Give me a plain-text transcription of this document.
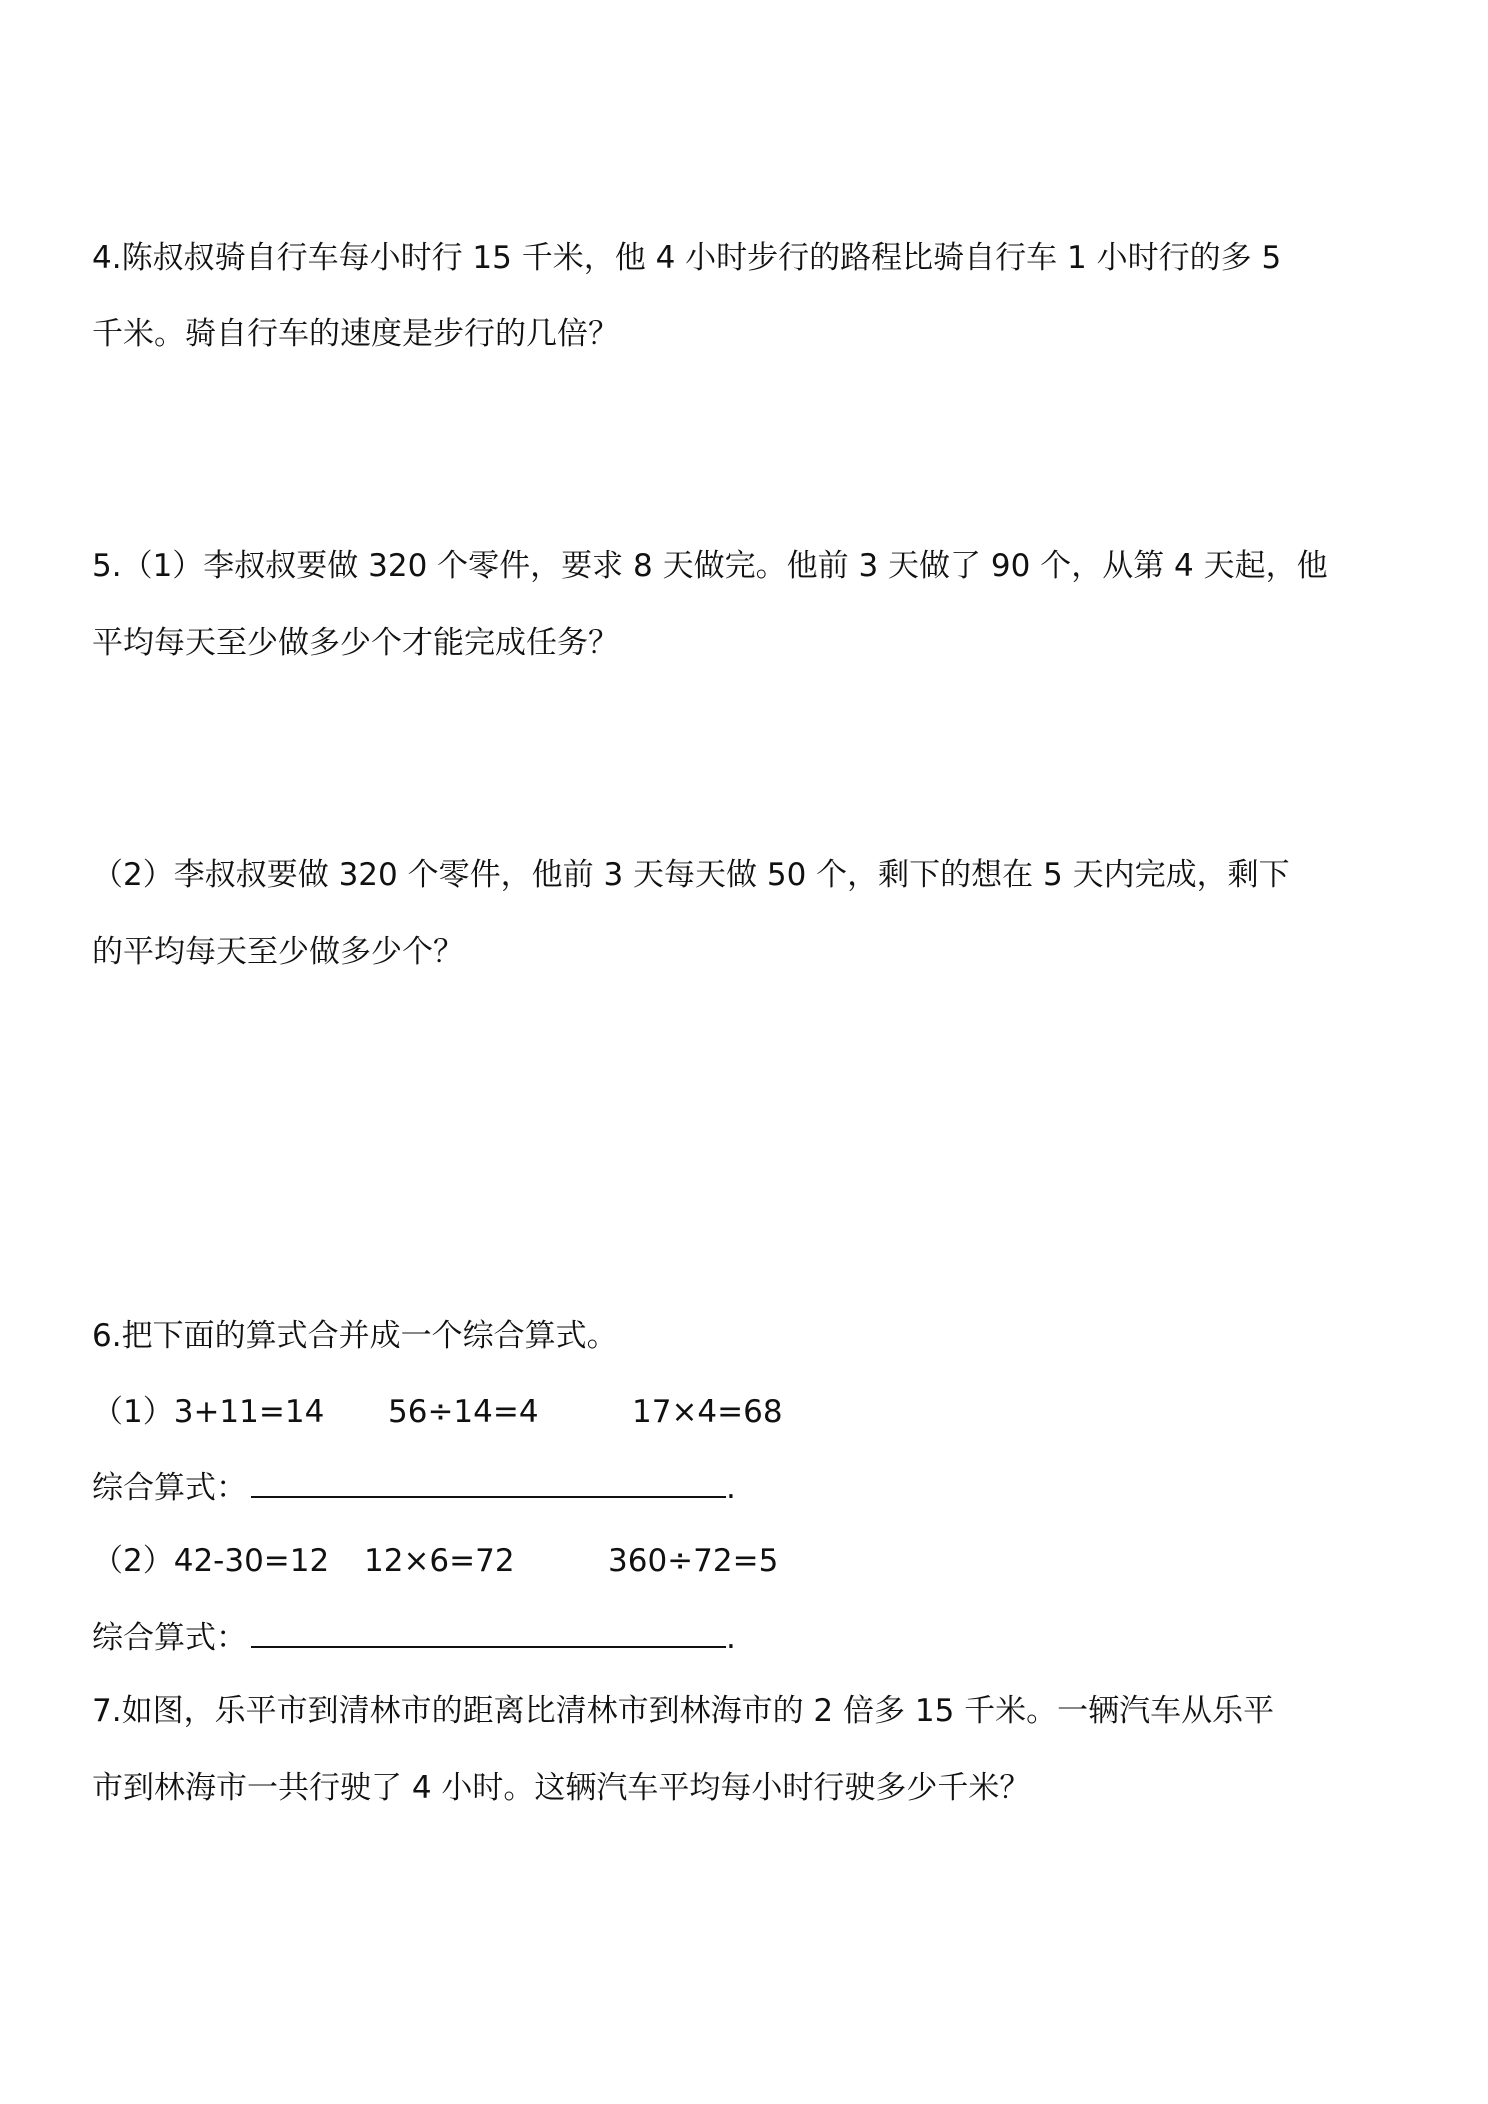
4.陈叔叔骑自行车每小时行 15 千米，他 4 小时步行的路程比骑自行车 1 小时行的多 5
千米。骑自行车的速度是步行的几倍？
5.（1）李叔叔要做 320 个零件，要求 8 天做完。他前 3 天做了 90 个，从第 4 天起，他
平均每天至少做多少个才能完成任务？
（2）李叔叔要做 320 个零件，他前 3 天每天做 50 个，剩下的想在 5 天内完成，剩下
的平均每天至少做多少个？
6.把下面的算式合并成一个综合算式。
（1）3+11=14 56÷14=4	17×4=68
综合算式：	.
（2）42-30=12 12×6=72	360÷72=5
综合算式：	.
7.如图，乐平市到清林市的距离比清林市到林海市的 2 倍多 15 千米。一辆汽车从乐平
市到林海市一共行驶了 4 小时。这辆汽车平均每小时行驶多少千米？
